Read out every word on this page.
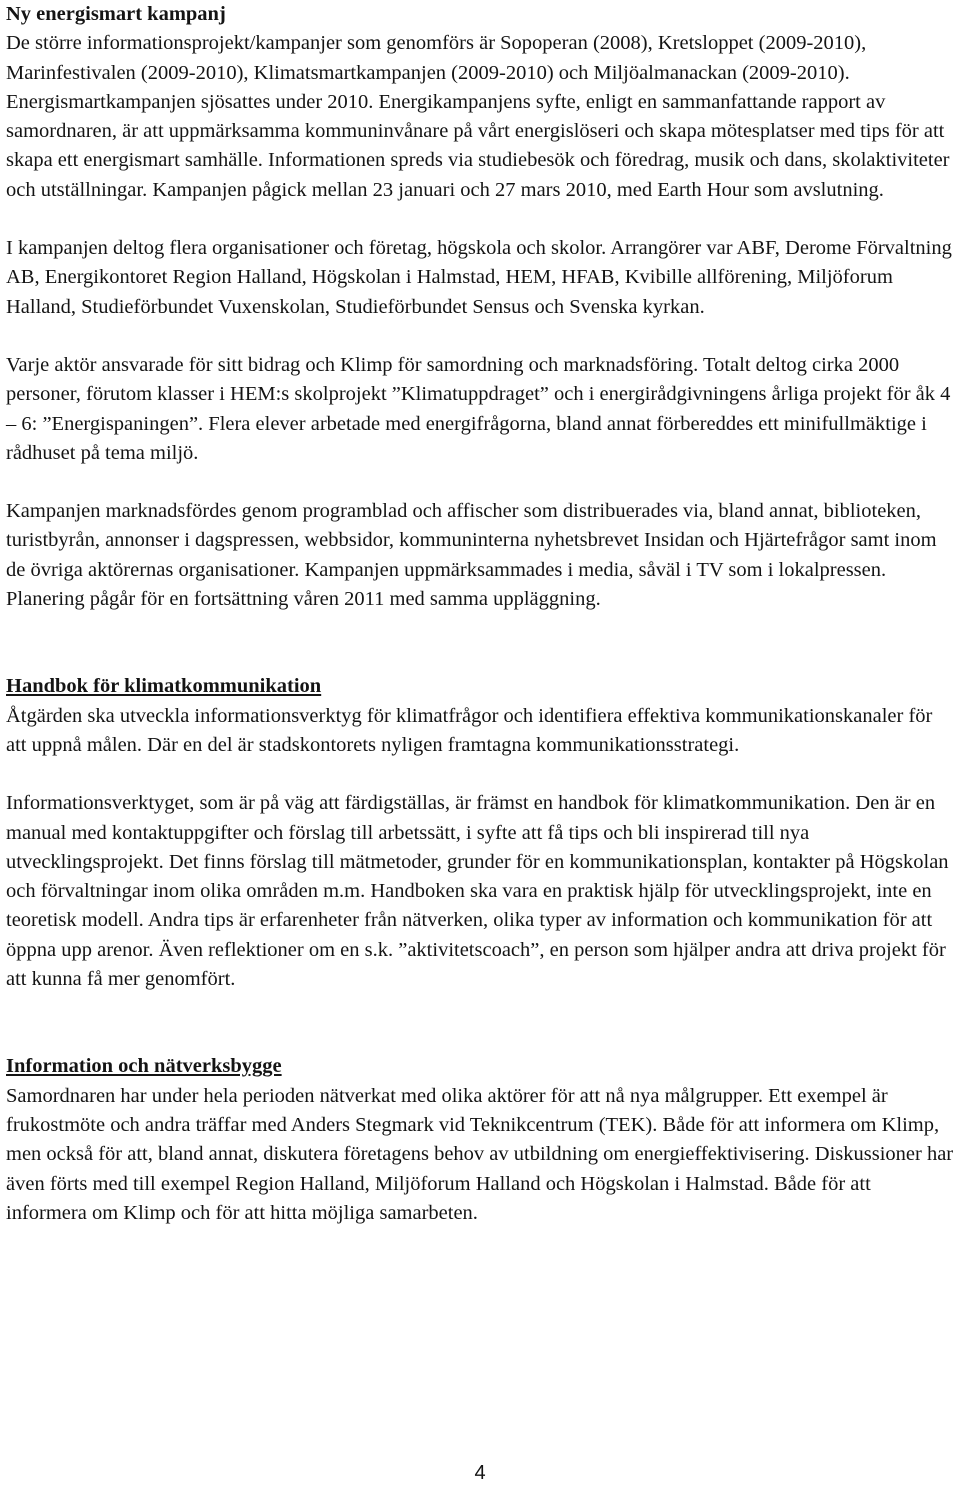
Ny energismart kampanj

De större informationsprojekt/kampanjer som genomförs är Sopoperan (2008), Kretsloppet (2009-2010), Marinfestivalen (2009-2010), Klimatsmartkampanjen (2009-2010) och Miljöalmanackan (2009-2010). Energismartkampanjen sjösattes under 2010. Energikampanjens syfte, enligt en sammanfattande rapport av samordnaren, är att uppmärksamma kommuninvånare på vårt energislöseri och skapa mötesplatser med tips för att skapa ett energismart samhälle. Informationen spreds via studiebesök och föredrag, musik och dans, skolaktiviteter och utställningar. Kampanjen pågick mellan 23 januari och 27 mars 2010, med Earth Hour som avslutning.

I kampanjen deltog flera organisationer och företag, högskola och skolor. Arrangörer var ABF, Derome Förvaltning AB, Energikontoret Region Halland, Högskolan i Halmstad, HEM, HFAB, Kvibille allförening, Miljöforum Halland, Studieförbundet Vuxenskolan, Studieförbundet Sensus och Svenska kyrkan.

Varje aktör ansvarade för sitt bidrag och Klimp för samordning och marknadsföring. Totalt deltog cirka 2000 personer, förutom klasser i HEM:s skolprojekt ”Klimatuppdraget” och i energirådgivningens årliga projekt för åk 4 – 6: ”Energispaningen”. Flera elever arbetade med energifrågorna, bland annat förbereddes ett minifullmäktige i rådhuset på tema miljö.

Kampanjen marknadsfördes genom programblad och affischer som distribuerades via, bland annat, biblioteken, turistbyrån, annonser i dagspressen, webbsidor, kommuninterna nyhetsbrevet Insidan och Hjärtefrågor samt inom de övriga aktörernas organisationer. Kampanjen uppmärksammades i media, såväl i TV som i lokalpressen. Planering pågår för en fortsättning våren 2011 med samma uppläggning.

Handbok för klimatkommunikation

Åtgärden ska utveckla informationsverktyg för klimatfrågor och identifiera effektiva kommunikationskanaler för att uppnå målen. Där en del är stadskontorets nyligen framtagna kommunikationsstrategi.

Informationsverktyget, som är på väg att färdigställas, är främst en handbok för klimatkommunikation. Den är en manual med kontaktuppgifter och förslag till arbetssätt, i syfte att få tips och bli inspirerad till nya utvecklingsprojekt. Det finns förslag till mätmetoder, grunder för en kommunikationsplan, kontakter på Högskolan och förvaltningar inom olika områden m.m. Handboken ska vara en praktisk hjälp för utvecklingsprojekt, inte en teoretisk modell. Andra tips är erfarenheter från nätverken, olika typer av information och kommunikation för att öppna upp arenor. Även reflektioner om en s.k. ”aktivitetscoach”, en person som hjälper andra att driva projekt för att kunna få mer genomfört.

Information och nätverksbygge

Samordnaren har under hela perioden nätverkat med olika aktörer för att nå nya målgrupper. Ett exempel är frukostmöte och andra träffar med Anders Stegmark vid Teknikcentrum (TEK). Både för att informera om Klimp, men också för att, bland annat, diskutera företagens behov av utbildning om energieffektivisering. Diskussioner har även förts med till exempel Region Halland, Miljöforum Halland och Högskolan i Halmstad. Både för att informera om Klimp och för att hitta möjliga samarbeten.

4
